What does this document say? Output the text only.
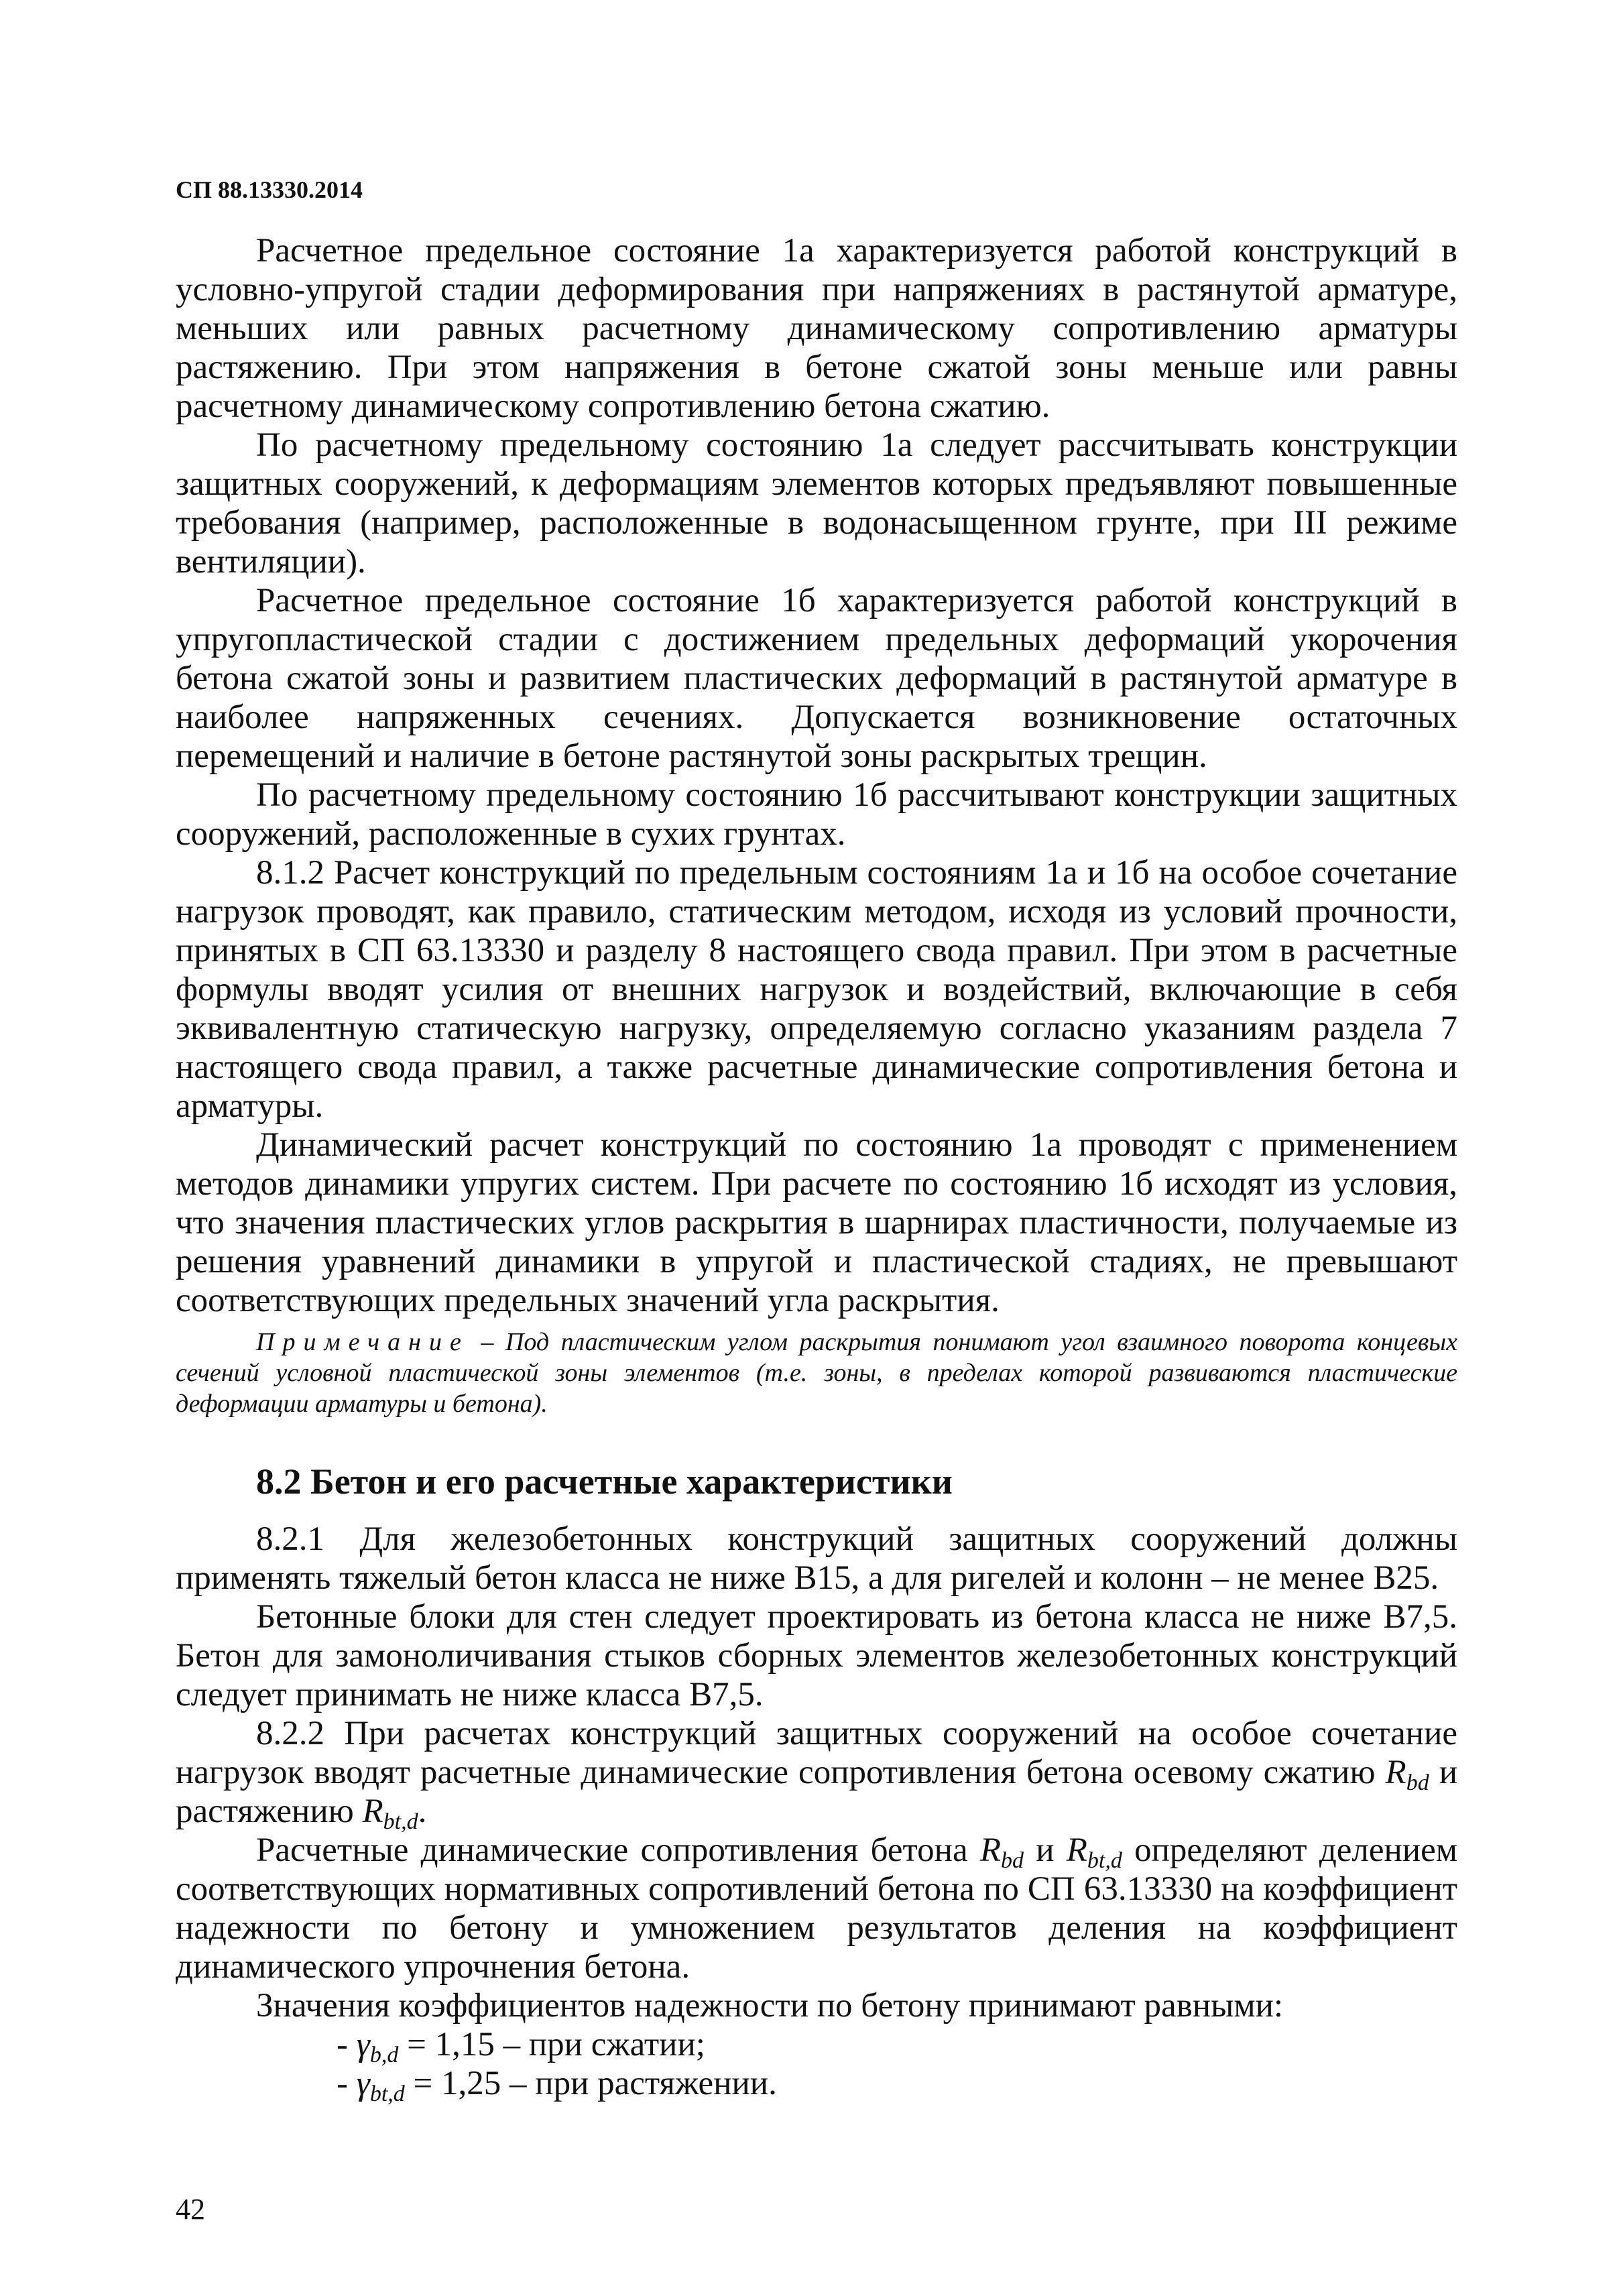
СП 88.13330.2014

Расчетное предельное состояние 1а характеризуется работой конструкций в условно-упругой стадии деформирования при напряжениях в растянутой арматуре, меньших или равных расчетному динамическому сопротивлению арматуры растяжению. При этом напряжения в бетоне сжатой зоны меньше или равны расчетному динамическому сопротивлению бетона сжатию.

По расчетному предельному состоянию 1а следует рассчитывать конструкции защитных сооружений, к деформациям элементов которых предъявляют повышенные требования (например, расположенные в водонасыщенном грунте, при III режиме вентиляции).

Расчетное предельное состояние 1б характеризуется работой конструкций в упругопластической стадии с достижением предельных деформаций укорочения бетона сжатой зоны и развитием пластических деформаций в растянутой арматуре в наиболее напряженных сечениях. Допускается возникновение остаточных перемещений и наличие в бетоне растянутой зоны раскрытых трещин.

По расчетному предельному состоянию 1б рассчитывают конструкции защитных сооружений, расположенные в сухих грунтах.

8.1.2 Расчет конструкций по предельным состояниям 1а и 1б на особое сочетание нагрузок проводят, как правило, статическим методом, исходя из условий прочности, принятых в СП 63.13330 и разделу 8 настоящего свода правил. При этом в расчетные формулы вводят усилия от внешних нагрузок и воздействий, включающие в себя эквивалентную статическую нагрузку, определяемую согласно указаниям раздела 7 настоящего свода правил, а также расчетные динамические сопротивления бетона и арматуры.

Динамический расчет конструкций по состоянию 1а проводят с применением методов динамики упругих систем. При расчете по состоянию 1б исходят из условия, что значения пластических углов раскрытия в шарнирах пластичности, получаемые из решения уравнений динамики в упругой и пластической стадиях, не превышают соответствующих предельных значений угла раскрытия.

Примечание – Под пластическим углом раскрытия понимают угол взаимного поворота концевых сечений условной пластической зоны элементов (т.е. зоны, в пределах которой развиваются пластические деформации арматуры и бетона).
8.2 Бетон и его расчетные характеристики

8.2.1 Для железобетонных конструкций защитных сооружений должны применять тяжелый бетон класса не ниже В15, а для ригелей и колонн – не менее В25.

Бетонные блоки для стен следует проектировать из бетона класса не ниже В7,5. Бетон для замоноличивания стыков сборных элементов железобетонных конструкций следует принимать не ниже класса В7,5.

8.2.2 При расчетах конструкций защитных сооружений на особое сочетание нагрузок вводят расчетные динамические сопротивления бетона осевому сжатию $R_{bd}$ и растяжению $R_{bt,d}$.

Расчетные динамические сопротивления бетона $R_{bd}$ и $R_{bt,d}$ определяют делением соответствующих нормативных сопротивлений бетона по СП 63.13330 на коэффициент надежности по бетону и умножением результатов деления на коэффициент динамического упрочнения бетона.

Значения коэффициентов надежности по бетону принимают равными:

- $\gamma_{b,d} = 1,15$ – при сжатии;

- $\gamma_{bt,d} = 1,25$ – при растяжении.

42
